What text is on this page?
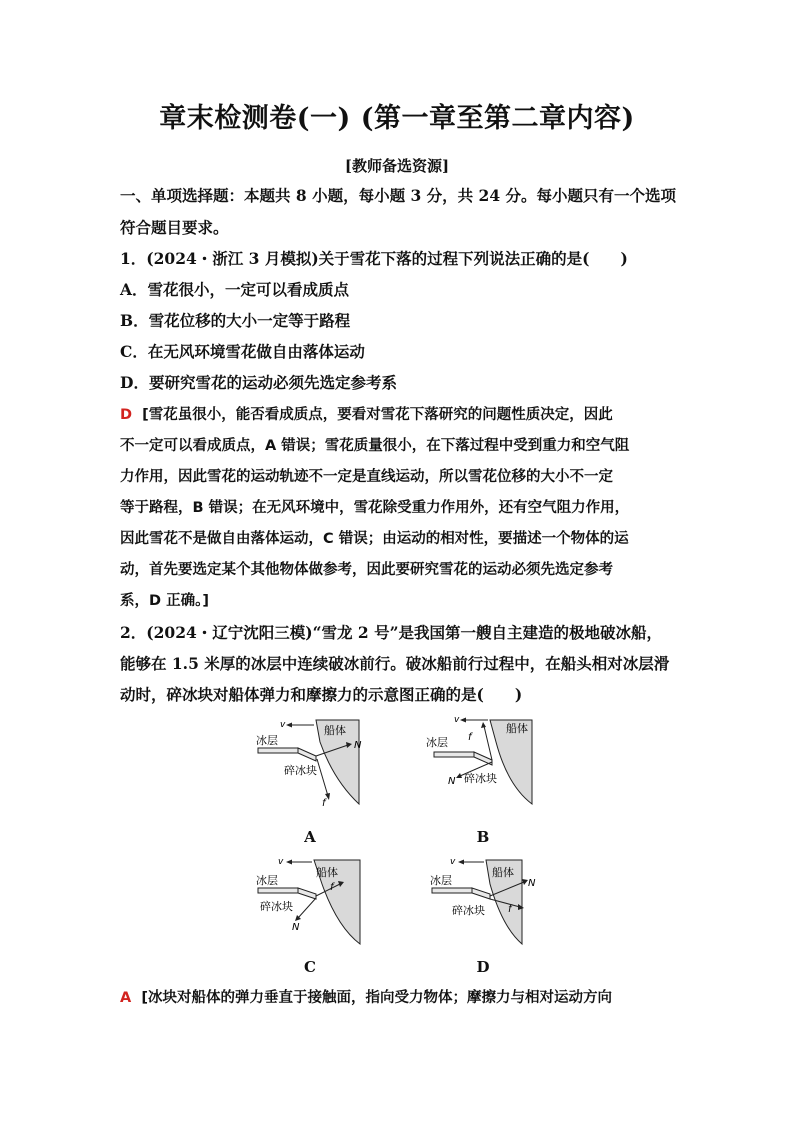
章末检测卷(一) (第一章至第二章内容)
[教师备选资源]
一、单项选择题：本题共 8 小题，每小题 3 分，共 24 分。每小题只有一个选项
符合题目要求。
1．(2024・浙江 3 月模拟)关于雪花下落的过程下列说法正确的是(　　)
A．雪花很小，一定可以看成质点
B．雪花位移的大小一定等于路程
C．在无风环境雪花做自由落体运动
D．要研究雪花的运动必须先选定参考系
D [雪花虽很小，能否看成质点，要看对雪花下落研究的问题性质决定，因此
不一定可以看成质点，A 错误；雪花质量很小，在下落过程中受到重力和空气阻
力作用，因此雪花的运动轨迹不一定是直线运动，所以雪花位移的大小不一定
等于路程，B 错误；在无风环境中，雪花除受重力作用外，还有空气阻力作用，
因此雪花不是做自由落体运动，C 错误；由运动的相对性，要描述一个物体的运
动，首先要选定某个其他物体做参考，因此要研究雪花的运动必须先选定参考
系，D 正确。]
2．(2024・辽宁沈阳三模)“雪龙 2 号”是我国第一艘自主建造的极地破冰船，
能够在 1.5 米厚的冰层中连续破冰前行。破冰船前行过程中，在船头相对冰层滑
动时，碎冰块对船体弹力和摩擦力的示意图正确的是(　　)
v
冰层
船体
N
碎冰块
f
A
v
冰层
船体
f
N 碎冰块
B
v
冰层
船体
f
碎冰块
N
C
v
冰层
船体
N
碎冰块 f
D
A [冰块对船体的弹力垂直于接触面，指向受力物体；摩擦力与相对运动方向
